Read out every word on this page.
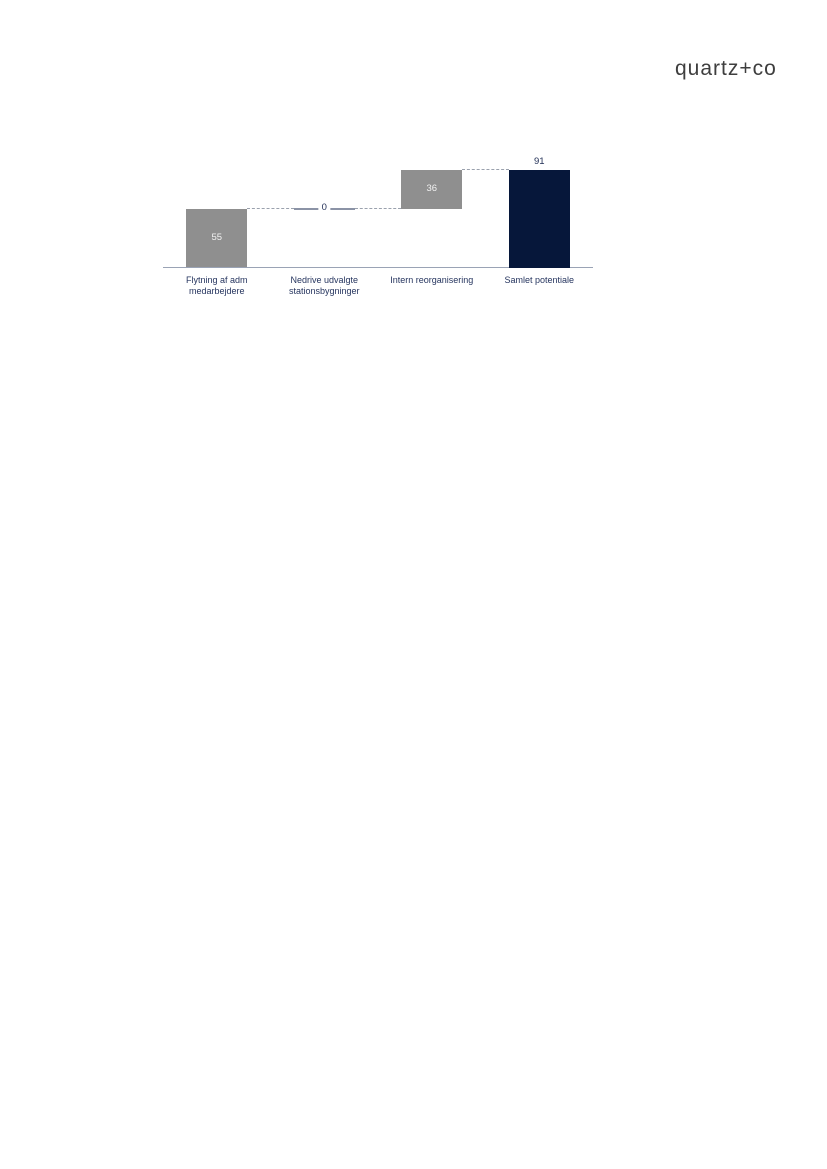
quartz+co
55
0
36
91
Flytning af adm medarbejdere
Nedrive udvalgte stationsbygninger
Intern reorganisering	Samlet potentiale
